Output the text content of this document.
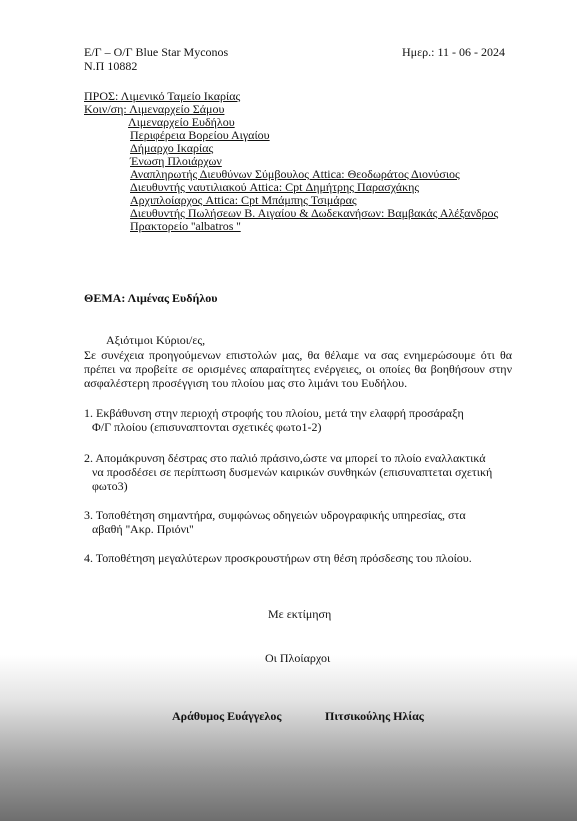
Ε/Γ – Ο/Γ Blue Star Myconos
Ν.Π 10882
Ημερ.: 11 - 06 - 2024
ΠΡΟΣ: Λιμενικό Ταμείο Ικαρίας
Κοιν/ση: Λιμεναρχείο Σάμου
Λιμεναρχείο Ευδήλου
Περιφέρεια Βορείου Αιγαίου
Δήμαρχο Ικαρίας
Ένωση Πλοιάρχων
Αναπληρωτής Διευθύνων Σύμβουλος Attica: Θεοδωράτος Διονύσιος
Διευθυντής ναυτιλιακού Attica: Cpt Δημήτρης Παρασχάκης
Αρχιπλοίαρχος Attica: Cpt Μπάμπης Τσιμάρας
Διευθυντής Πωλήσεων Β. Αιγαίου & Δωδεκανήσων: Βαμβακάς Αλέξανδρος
Πρακτορείο ''albatros ''
ΘΕΜΑ: Λιμένας Ευδήλου
Αξιότιμοι Κύριοι/ες,

Σε συνέχεια προηγούμενων επιστολών μας, θα θέλαμε να σας ενημερώσουμε ότι θα πρέπει να προβείτε σε ορισμένες απαραίτητες ενέργειες, οι οποίες θα βοηθήσουν στην ασφαλέστερη προσέγγιση του πλοίου μας στο λιμάνι του Ευδήλου.

1. Εκβάθυνση στην περιοχή στροφής του πλοίου, μετά την ελαφρή προσάραξη
Φ/Γ πλοίου (επισυναπτονται σχετικές φωτο1-2)
2. Απομάκρυνση δέστρας στο παλιό πράσινο,ώστε να μπορεί το πλοίο εναλλακτικά
να προσδέσει σε περίπτωση δυσμενών καιρικών συνθηκών (επισυναπτεται σχετική
φωτο3)
3. Τοποθέτηση σημαντήρα, συμφώνως οδηγειών υδρογραφικής υπηρεσίας, στα
αβαθή ''Ακρ. Πριόνι''
4. Τοποθέτηση μεγαλύτερων προσκρουστήρων στη θέση πρόσδεσης του πλοίου.
Με εκτίμηση
Οι Πλοίαρχοι
Αράθυμος Ευάγγελος	Πιτσικούλης Ηλίας
